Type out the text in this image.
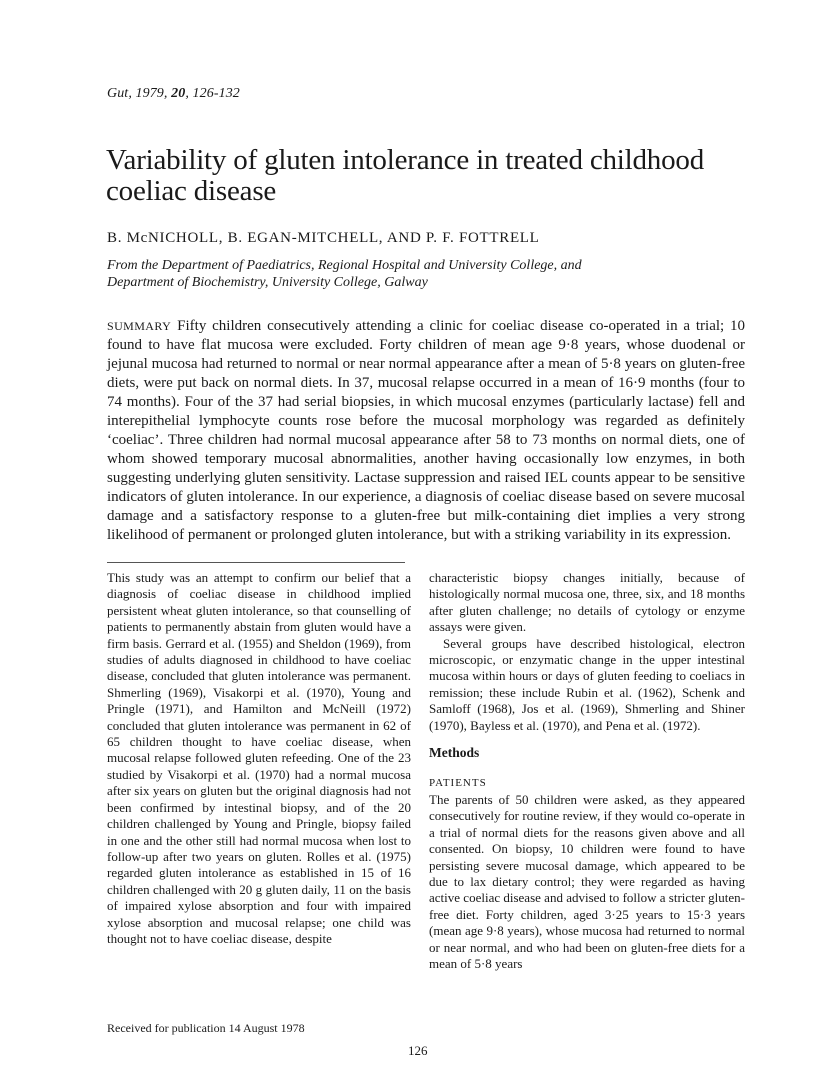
Gut, 1979, 20, 126-132
Variability of gluten intolerance in treated childhood coeliac disease
B. McNICHOLL, B. EGAN-MITCHELL, AND P. F. FOTTRELL
From the Department of Paediatrics, Regional Hospital and University College, and
Department of Biochemistry, University College, Galway

SUMMARY Fifty children consecutively attending a clinic for coeliac disease co-operated in a trial; 10 found to have flat mucosa were excluded. Forty children of mean age 9·8 years, whose duodenal or jejunal mucosa had returned to normal or near normal appearance after a mean of 5·8 years on gluten-free diets, were put back on normal diets. In 37, mucosal relapse occurred in a mean of 16·9 months (four to 74 months). Four of the 37 had serial biopsies, in which mucosal enzymes (particularly lactase) fell and interepithelial lymphocyte counts rose before the mucosal morphology was regarded as definitely ‘coeliac’. Three children had normal mucosal appearance after 58 to 73 months on normal diets, one of whom showed temporary mucosal abnormalities, another having occasionally low enzymes, in both suggesting underlying gluten sensitivity. Lactase suppression and raised IEL counts appear to be sensitive indicators of gluten intolerance. In our experience, a diagnosis of coeliac disease based on severe mucosal damage and a satisfactory response to a gluten-free but milk-containing diet implies a very strong likelihood of permanent or prolonged gluten intolerance, but with a striking variability in its expression.

This study was an attempt to confirm our belief that a diagnosis of coeliac disease in childhood implied persistent wheat gluten intolerance, so that counselling of patients to permanently abstain from gluten would have a firm basis. Gerrard et al. (1955) and Sheldon (1969), from studies of adults diagnosed in childhood to have coeliac disease, concluded that gluten intolerance was permanent. Shmerling (1969), Visakorpi et al. (1970), Young and Pringle (1971), and Hamilton and McNeill (1972) concluded that gluten intolerance was permanent in 62 of 65 children thought to have coeliac disease, when mucosal relapse followed gluten refeeding. One of the 23 studied by Visakorpi et al. (1970) had a normal mucosa after six years on gluten but the original diagnosis had not been confirmed by intestinal biopsy, and of the 20 children challenged by Young and Pringle, biopsy failed in one and the other still had normal mucosa when lost to follow-up after two years on gluten. Rolles et al. (1975) regarded gluten intolerance as established in 15 of 16 children challenged with 20 g gluten daily, 11 on the basis of impaired xylose absorption and four with impaired xylose absorption and mucosal relapse; one child was thought not to have coeliac disease, despite

characteristic biopsy changes initially, because of histologically normal mucosa one, three, six, and 18 months after gluten challenge; no details of cytology or enzyme assays were given.

Several groups have described histological, electron microscopic, or enzymatic change in the upper intestinal mucosa within hours or days of gluten feeding to coeliacs in remission; these include Rubin et al. (1962), Schenk and Samloff (1968), Jos et al. (1969), Shmerling and Shiner (1970), Bayless et al. (1970), and Pena et al. (1972).

Methods

PATIENTS

The parents of 50 children were asked, as they appeared consecutively for routine review, if they would co-operate in a trial of normal diets for the reasons given above and all consented. On biopsy, 10 children were found to have persisting severe mucosal damage, which appeared to be due to lax dietary control; they were regarded as having active coeliac disease and advised to follow a stricter gluten-free diet. Forty children, aged 3·25 years to 15·3 years (mean age 9·8 years), whose mucosa had returned to normal or near normal, and who had been on gluten-free diets for a mean of 5·8 years

Received for publication 14 August 1978
126
